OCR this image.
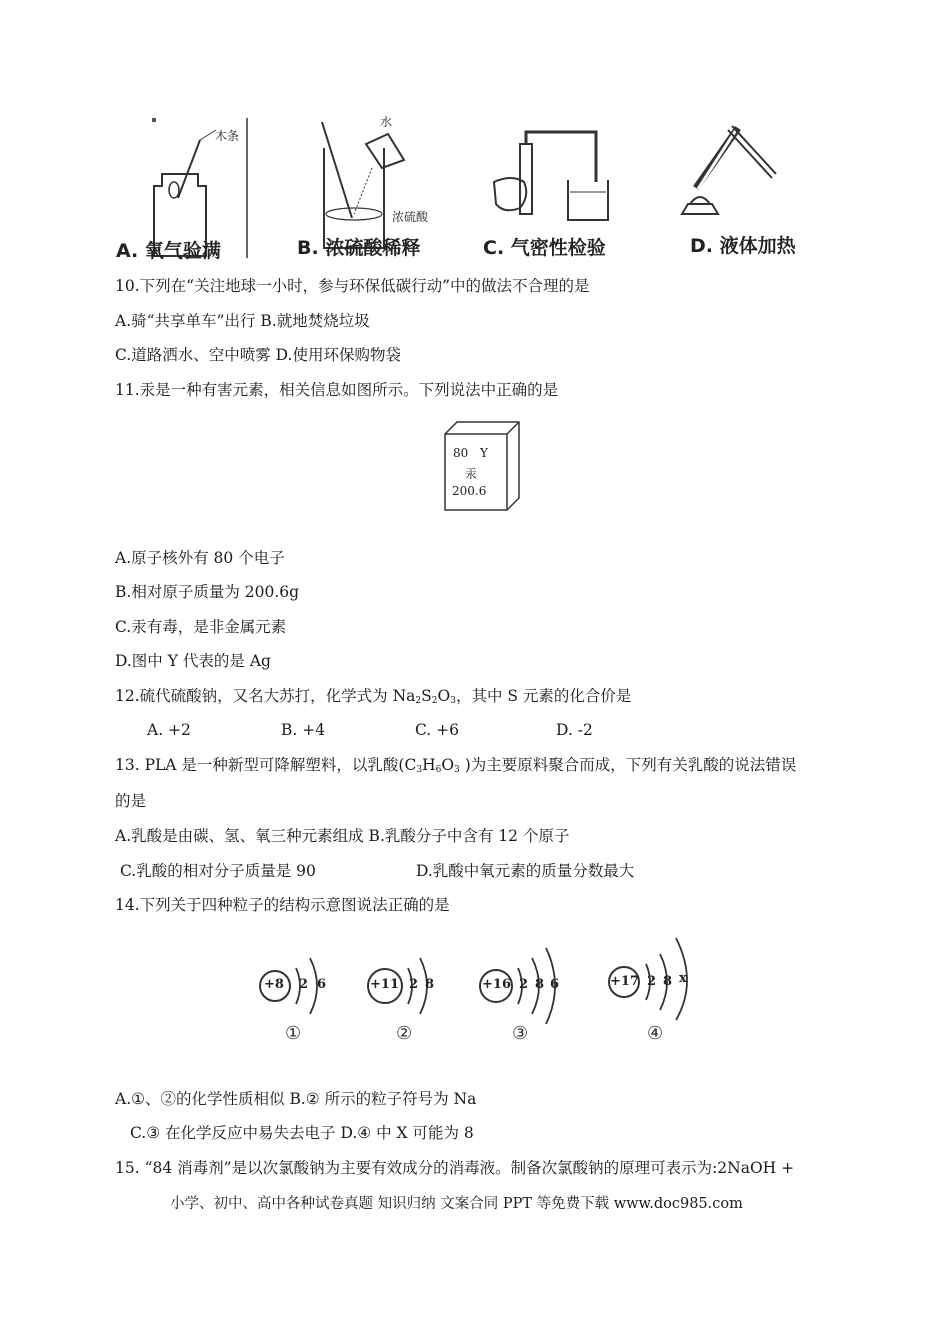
木条
水
浓硫酸
A. 氧气验满	B. 浓硫酸稀释	C. 气密性检验	D. 液体加热
10.下列在“关注地球一小时，参与环保低碳行动”中的做法不合理的是
A.骑“共享单车”出行 B.就地焚烧垃圾
C.道路洒水、空中喷雾 D.使用环保购物袋
11.汞是一种有害元素，相关信息如图所示。下列说法中正确的是
80 Y
汞
200.6
A.原子核外有 80 个电子
B.相对原子质量为 200.6g
C.汞有毒，是非金属元素
D.图中 Y 代表的是 Ag
12.硫代硫酸钠，又名大苏打，化学式为 $Na_2S_2O_3$，其中 S 元素的化合价是
A. +2	B. +4	C. +6	D. -2
13. PLA 是一种新型可降解塑料，以乳酸($C_3H_6O_3$ )为主要原料聚合而成，下列有关乳酸的说法错误
的是
A.乳酸是由碳、氢、氧三种元素组成 B.乳酸分子中含有 12 个原子
C.乳酸的相对分子质量是 90	D.乳酸中氧元素的质量分数最大
14.下列关于四种粒子的结构示意图说法正确的是
+8 2 6
①
+11 2 8
②
+16 2 8 6
③
+17 2 8 x
④
A.①、②的化学性质相似 B.② 所示的粒子符号为 Na
C.③ 在化学反应中易失去电子 D.④ 中 X 可能为 8
15. “84 消毒剂”是以次氯酸钠为主要有效成分的消毒液。制备次氯酸钠的原理可表示为:2NaOH +
小学、初中、高中各种试卷真题 知识归纳 文案合同 PPT 等免费下载 www.doc985.com
